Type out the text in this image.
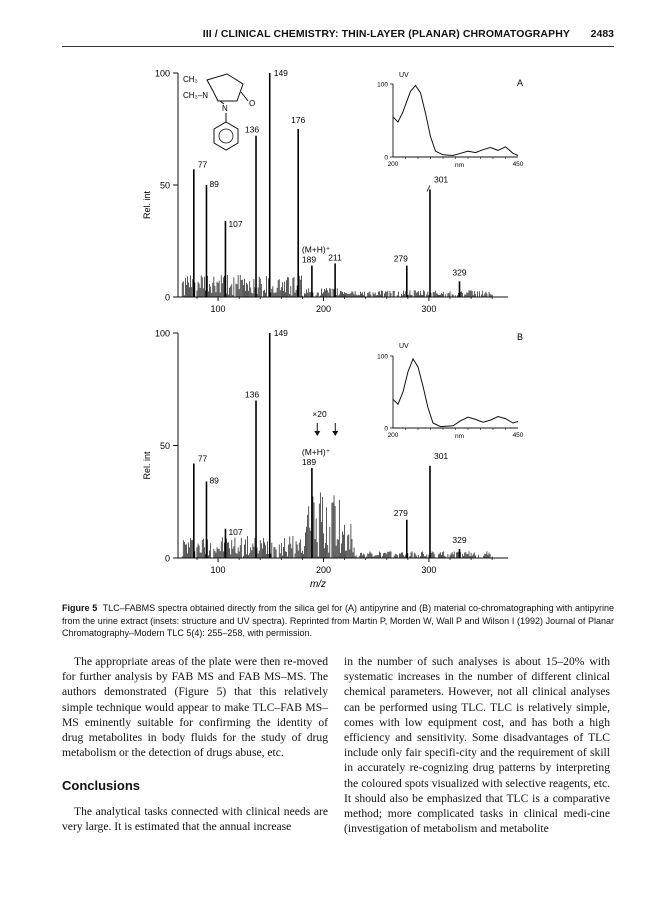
III / CLINICAL CHEMISTRY: THIN-LAYER (PLANAR) CHROMATOGRAPHY 2483
0
50
100
100	200	300
Rel. int
A
77
89
107
136
149
176
189 211	279
301
329
(M+H)⁺
UV
0
100
200	450
nm
CH₃
CH₃–N
N
O
0
50
100
100	200	300
Rel. int
B
77
89
107
136
149
189
279
301
329
×20
(M+H)⁺
UV
0
100
200	450
nm
m/z
Figure 5 TLC–FABMS spectra obtained directly from the silica gel for (A) antipyrine and (B) material co-chromatographing with antipyrine from the urine extract (insets: structure and UV spectra). Reprinted from Martin P, Morden W, Wall P and Wilson I (1992) Journal of Planar Chromatography–Modern TLC 5(4): 255–258, with permission.

The appropriate areas of the plate were then re-moved for further analysis by FAB MS and FAB MS–MS. The authors demonstrated (Figure 5) that this relatively simple technique would appear to make TLC–FAB MS–MS eminently suitable for confirming the identity of drug metabolites in body fluids for the study of drug metabolism or the detection of drugs abuse, etc.

Conclusions

The analytical tasks connected with clinical needs are very large. It is estimated that the annual increase

in the number of such analyses is about 15–20% with systematic increases in the number of different clinical chemical parameters. However, not all clinical analyses can be performed using TLC. TLC is relatively simple, comes with low equipment cost, and has both a high efficiency and sensitivity. Some disadvantages of TLC include only fair specifi-city and the requirement of skill in accurately re-cognizing drug patterns by interpreting the coloured spots visualized with selective reagents, etc. It should also be emphasized that TLC is a comparative method; more complicated tasks in clinical medi-cine (investigation of metabolism and metabolite
